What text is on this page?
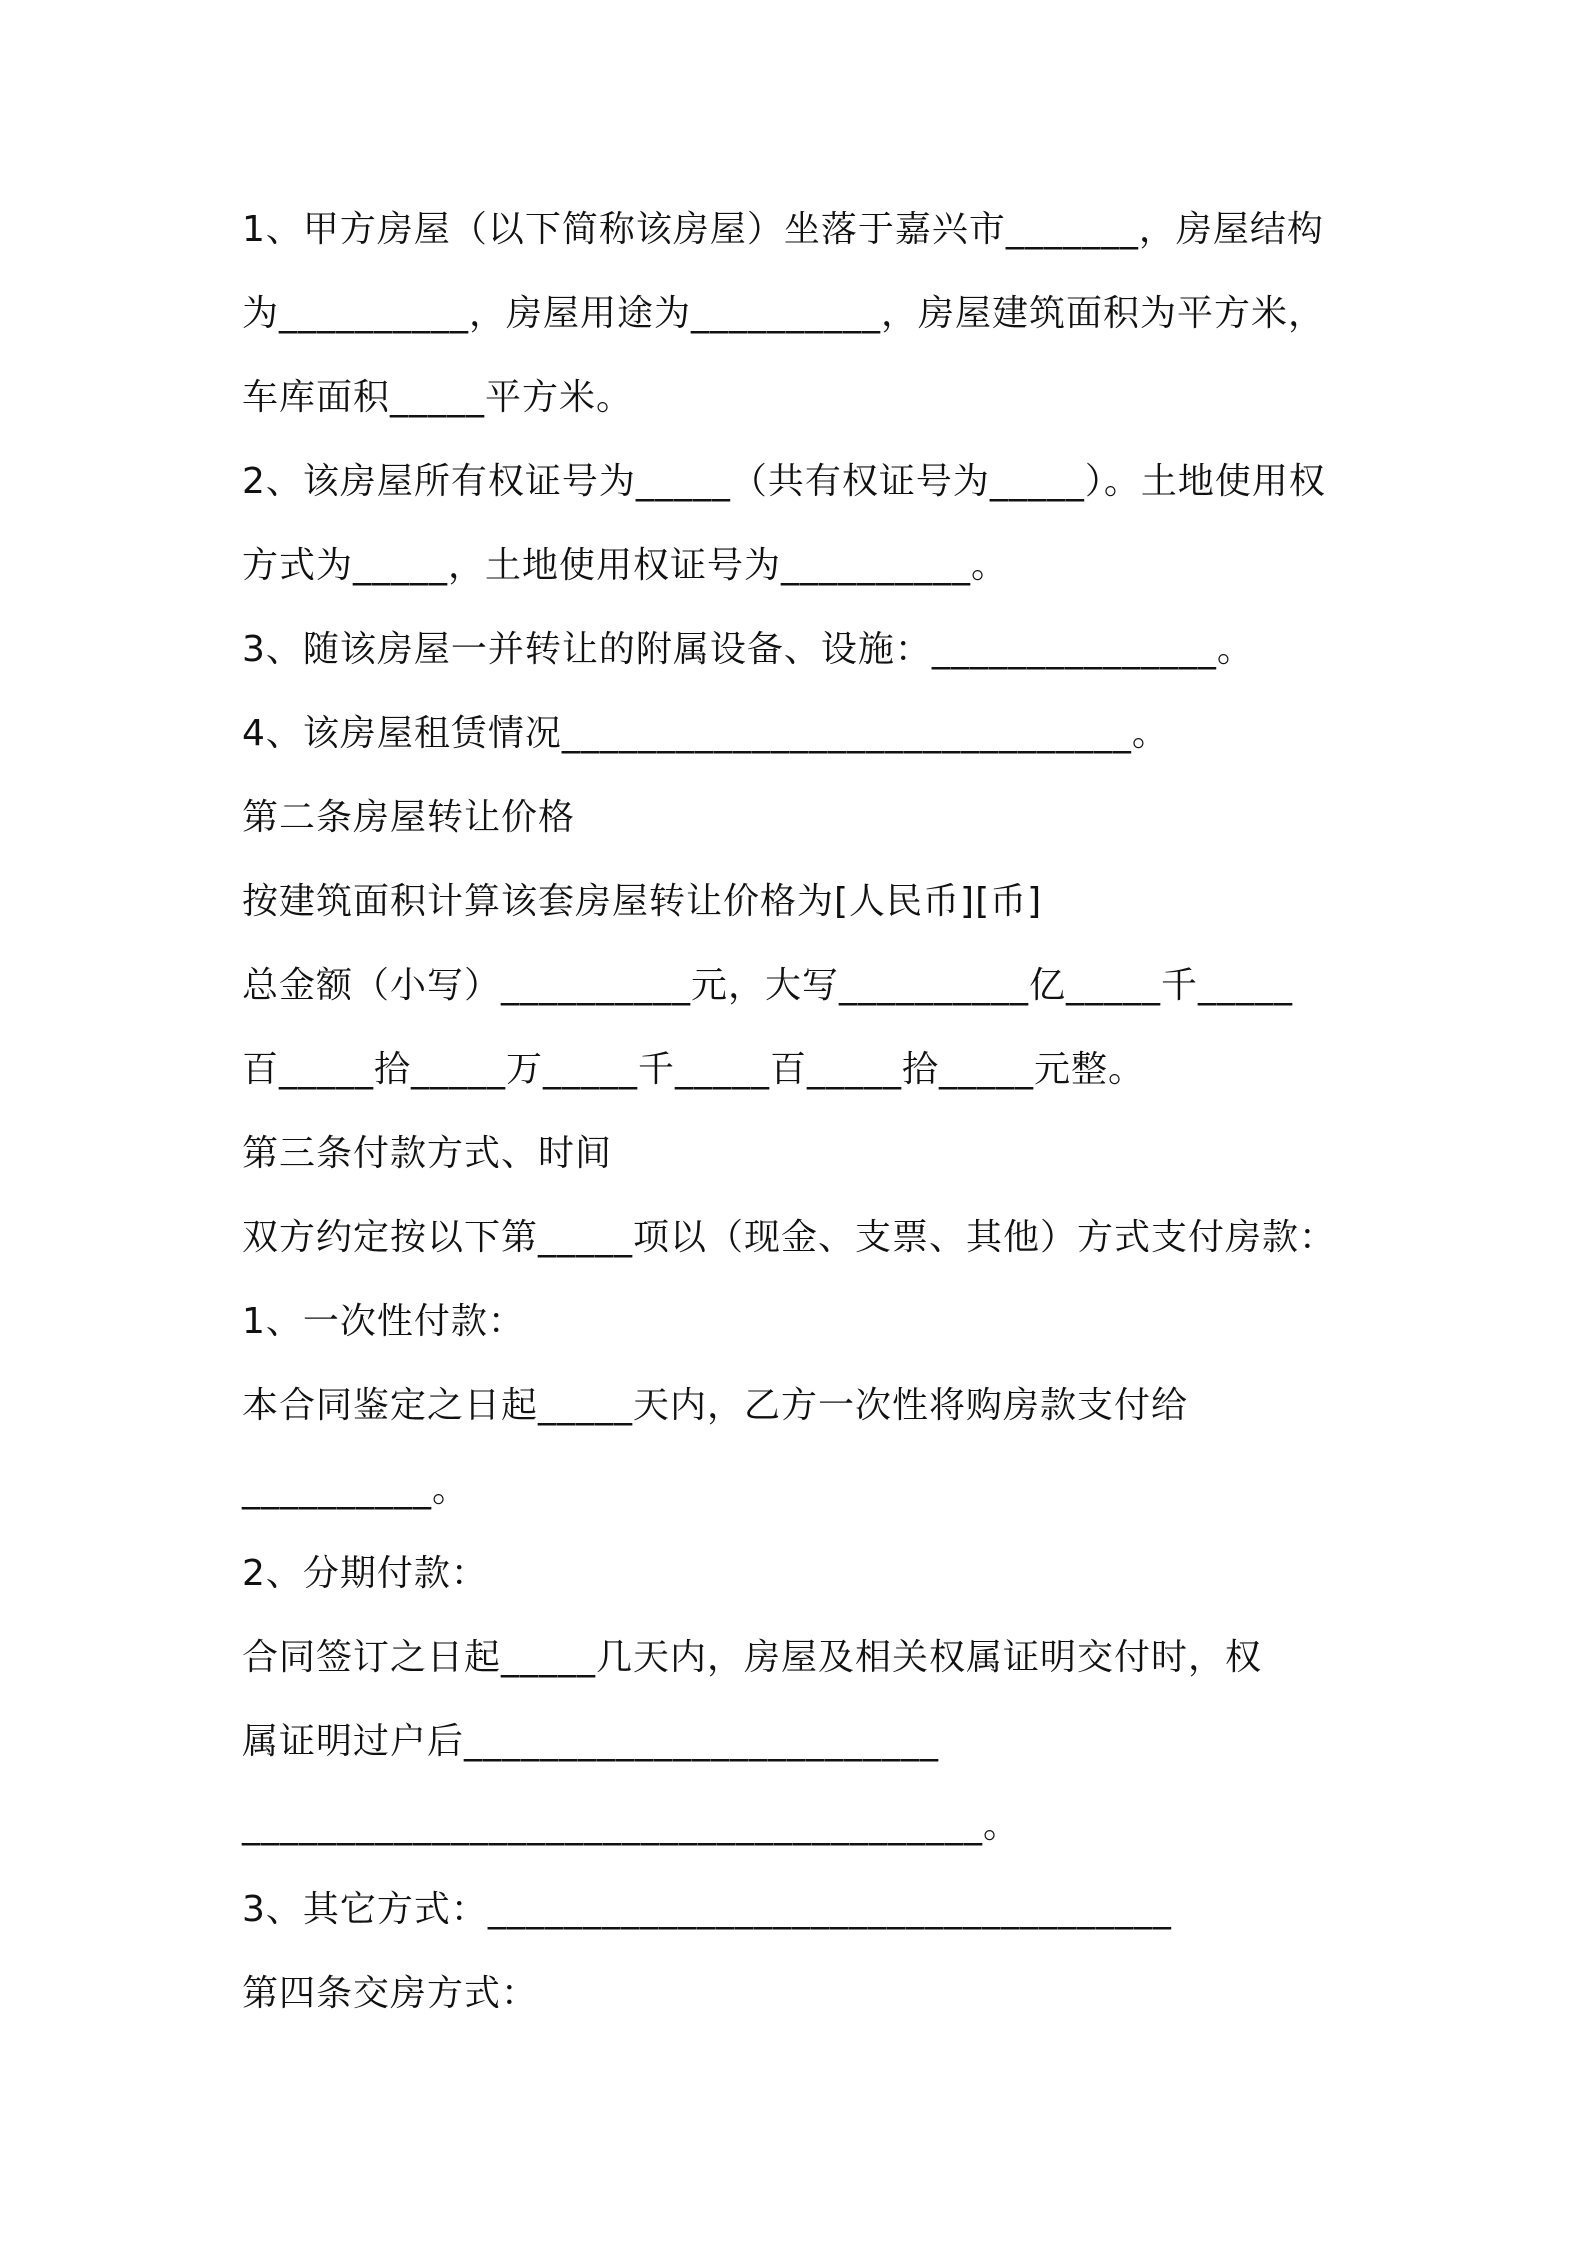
1、甲方房屋（以下简称该房屋）坐落于嘉兴市_______，房屋结构

为__________，房屋用途为__________，房屋建筑面积为平方米，

车库面积_____平方米。

2、该房屋所有权证号为_____（共有权证号为_____）。土地使用权

方式为_____，土地使用权证号为__________。

3、随该房屋一并转让的附属设备、设施：_______________。

4、该房屋租赁情况______________________________。

第二条房屋转让价格

按建筑面积计算该套房屋转让价格为[人民币][币]

总金额（小写）__________元，大写__________亿_____千_____

百_____拾_____万_____千_____百_____拾_____元整。

第三条付款方式、时间

双方约定按以下第_____项以（现金、支票、其他）方式支付房款：

1、一次性付款：

本合同鉴定之日起_____天内，乙方一次性将购房款支付给

__________。

2、分期付款：

合同签订之日起_____几天内，房屋及相关权属证明交付时，权

属证明过户后_________________________

_______________________________________。

3、其它方式：____________________________________

第四条交房方式：
